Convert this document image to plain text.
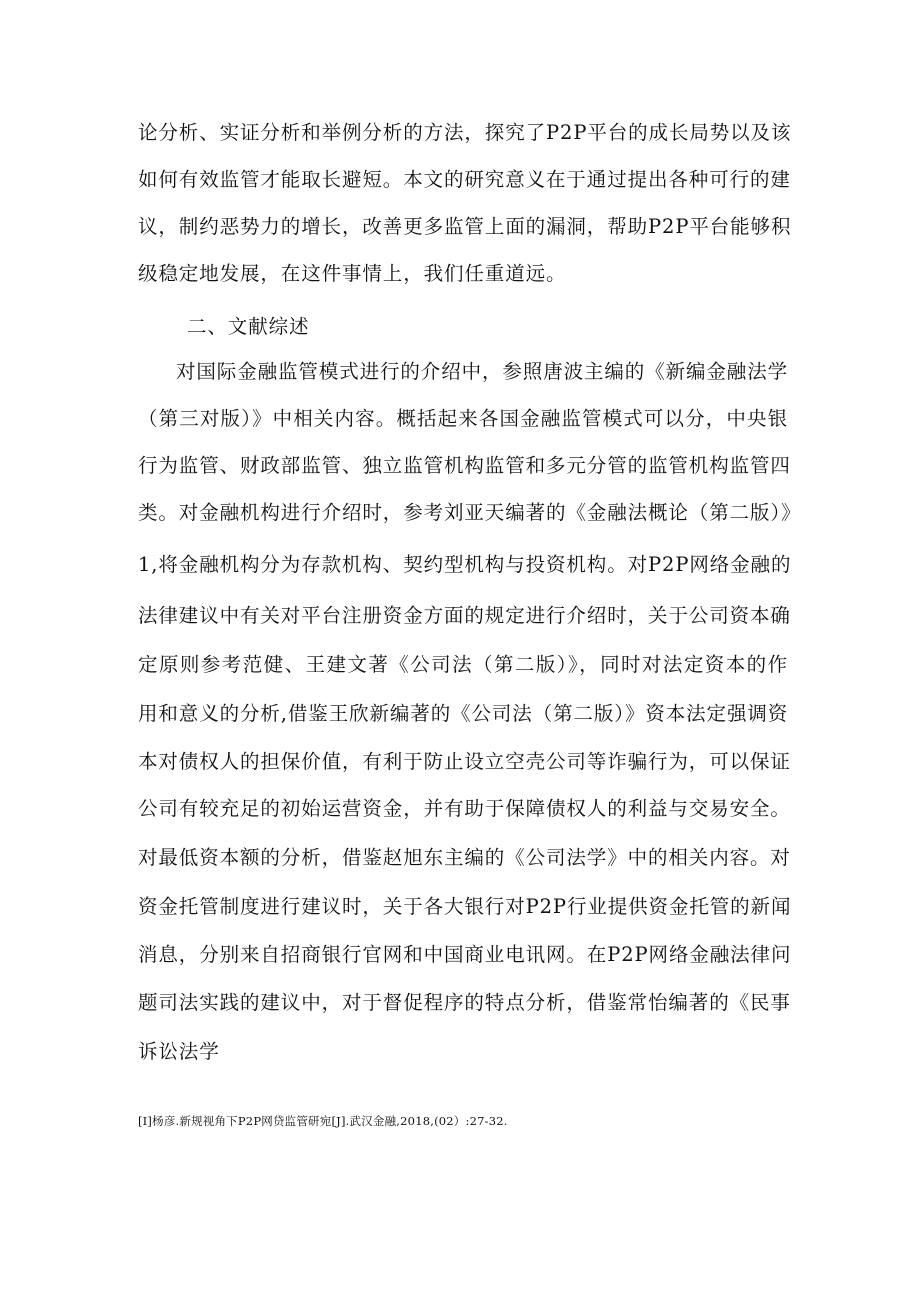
论分析、实证分析和举例分析的方法，探究了P2P平台的成长局势以及该
如何有效监管才能取长避短。本文的研究意义在于通过提出各种可行的建
议，制约恶势力的增长，改善更多监管上面的漏洞，帮助P2P平台能够积
级稳定地发展，在这件事情上，我们任重道远。
二、文献综述
对国际金融监管模式进行的介绍中，参照唐波主编的《新编金融法学
（第三对版）》中相关内容。概括起来各国金融监管模式可以分，中央银
行为监管、财政部监管、独立监管机构监管和多元分管的监管机构监管四
类。对金融机构进行介绍时，参考刘亚天编著的《金融法概论（第二版）》
1,将金融机构分为存款机构、契约型机构与投资机构。对P2P网络金融的
法律建议中有关对平台注册资金方面的规定进行介绍时，关于公司资本确
定原则参考范健、王建文著《公司法（第二版）》，同时对法定资本的作
用和意义的分析,借鉴王欣新编著的《公司法（第二版）》资本法定强调资
本对债权人的担保价值，有利于防止设立空壳公司等诈骗行为，可以保证
公司有较充足的初始运营资金，并有助于保障债权人的利益与交易安全。
对最低资本额的分析，借鉴赵旭东主编的《公司法学》中的相关内容。对
资金托管制度进行建议时，关于各大银行对P2P行业提供资金托管的新闻
消息，分别来自招商银行官网和中国商业电讯网。在P2P网络金融法律问
题司法实践的建议中，对于督促程序的特点分析，借鉴常怡编著的《民事
诉讼法学
[I]杨彦.新规视角下P2P网贷监管研宛[J].武汉金融,2018,(02）:27-32.
